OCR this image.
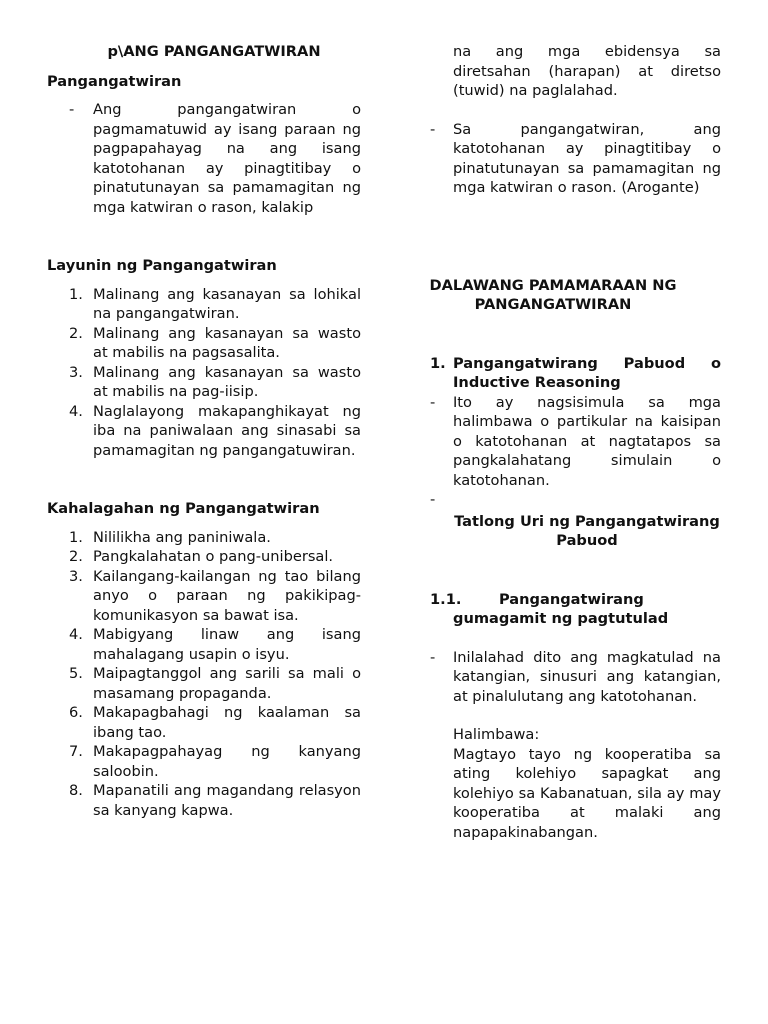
p\ANG PANGANGATWIRAN
Pangangatwiran
- Ang pangangatwiran o pagmamatuwid ay isang paraan ng pagpapahayag na ang isang katotohanan ay pinagtitibay o pinatutunayan sa pamamagitan ng mga katwiran o rason, kalakip
Layunin ng Pangangatwiran
1. Malinang ang kasanayan sa lohikal na pangangatwiran.
2. Malinang ang kasanayan sa wasto at mabilis na pagsasalita.
3. Malinang ang kasanayan sa wasto at mabilis na pag-iisip.
4. Naglalayong makapanghikayat ng iba na paniwalaan ang sinasabi sa pamamagitan ng pangangatuwiran.
Kahalagahan ng Pangangatwiran
1. Nililikha ang paniniwala.
2. Pangkalahatan o pang-unibersal.
3. Kailangang-kailangan ng tao bilang anyo o paraan ng pakikipag-komunikasyon sa bawat isa.
4. Mabigyang linaw ang isang mahalagang usapin o isyu.
5. Maipagtanggol ang sarili sa mali o masamang propaganda.
6. Makapagbahagi ng kaalaman sa ibang tao.
7. Makapagpahayag ng kanyang saloobin.
8. Mapanatili ang magandang relasyon sa kanyang kapwa.
na ang mga ebidensya sa diretsahan (harapan) at diretso (tuwid) na paglalahad.
- Sa pangangatwiran, ang katotohanan ay pinagtitibay o pinatutunayan sa pamamagitan ng mga katwiran o rason. (Arogante)
DALAWANG PAMAMARAAN NG PANGANGATWIRAN
1. Pangangatwirang Pabuod o Inductive Reasoning
- Ito ay nagsisimula sa mga halimbawa o partikular na kaisipan o katotohanan at nagtatapos sa pangkalahatang simulain o katotohanan.
-

Tatlong Uri ng Pangangatwirang Pabuod
1.1.	Pangangatwirang gumagamit ng pagtutulad
- Inilalahad dito ang magkatulad na katangian, sinusuri ang katangian, at pinalulutang ang katotohanan.
Halimbawa:
Magtayo tayo ng kooperatiba sa ating kolehiyo sapagkat ang kolehiyo sa Kabanatuan, sila ay may kooperatiba at malaki ang napapakinabangan.
